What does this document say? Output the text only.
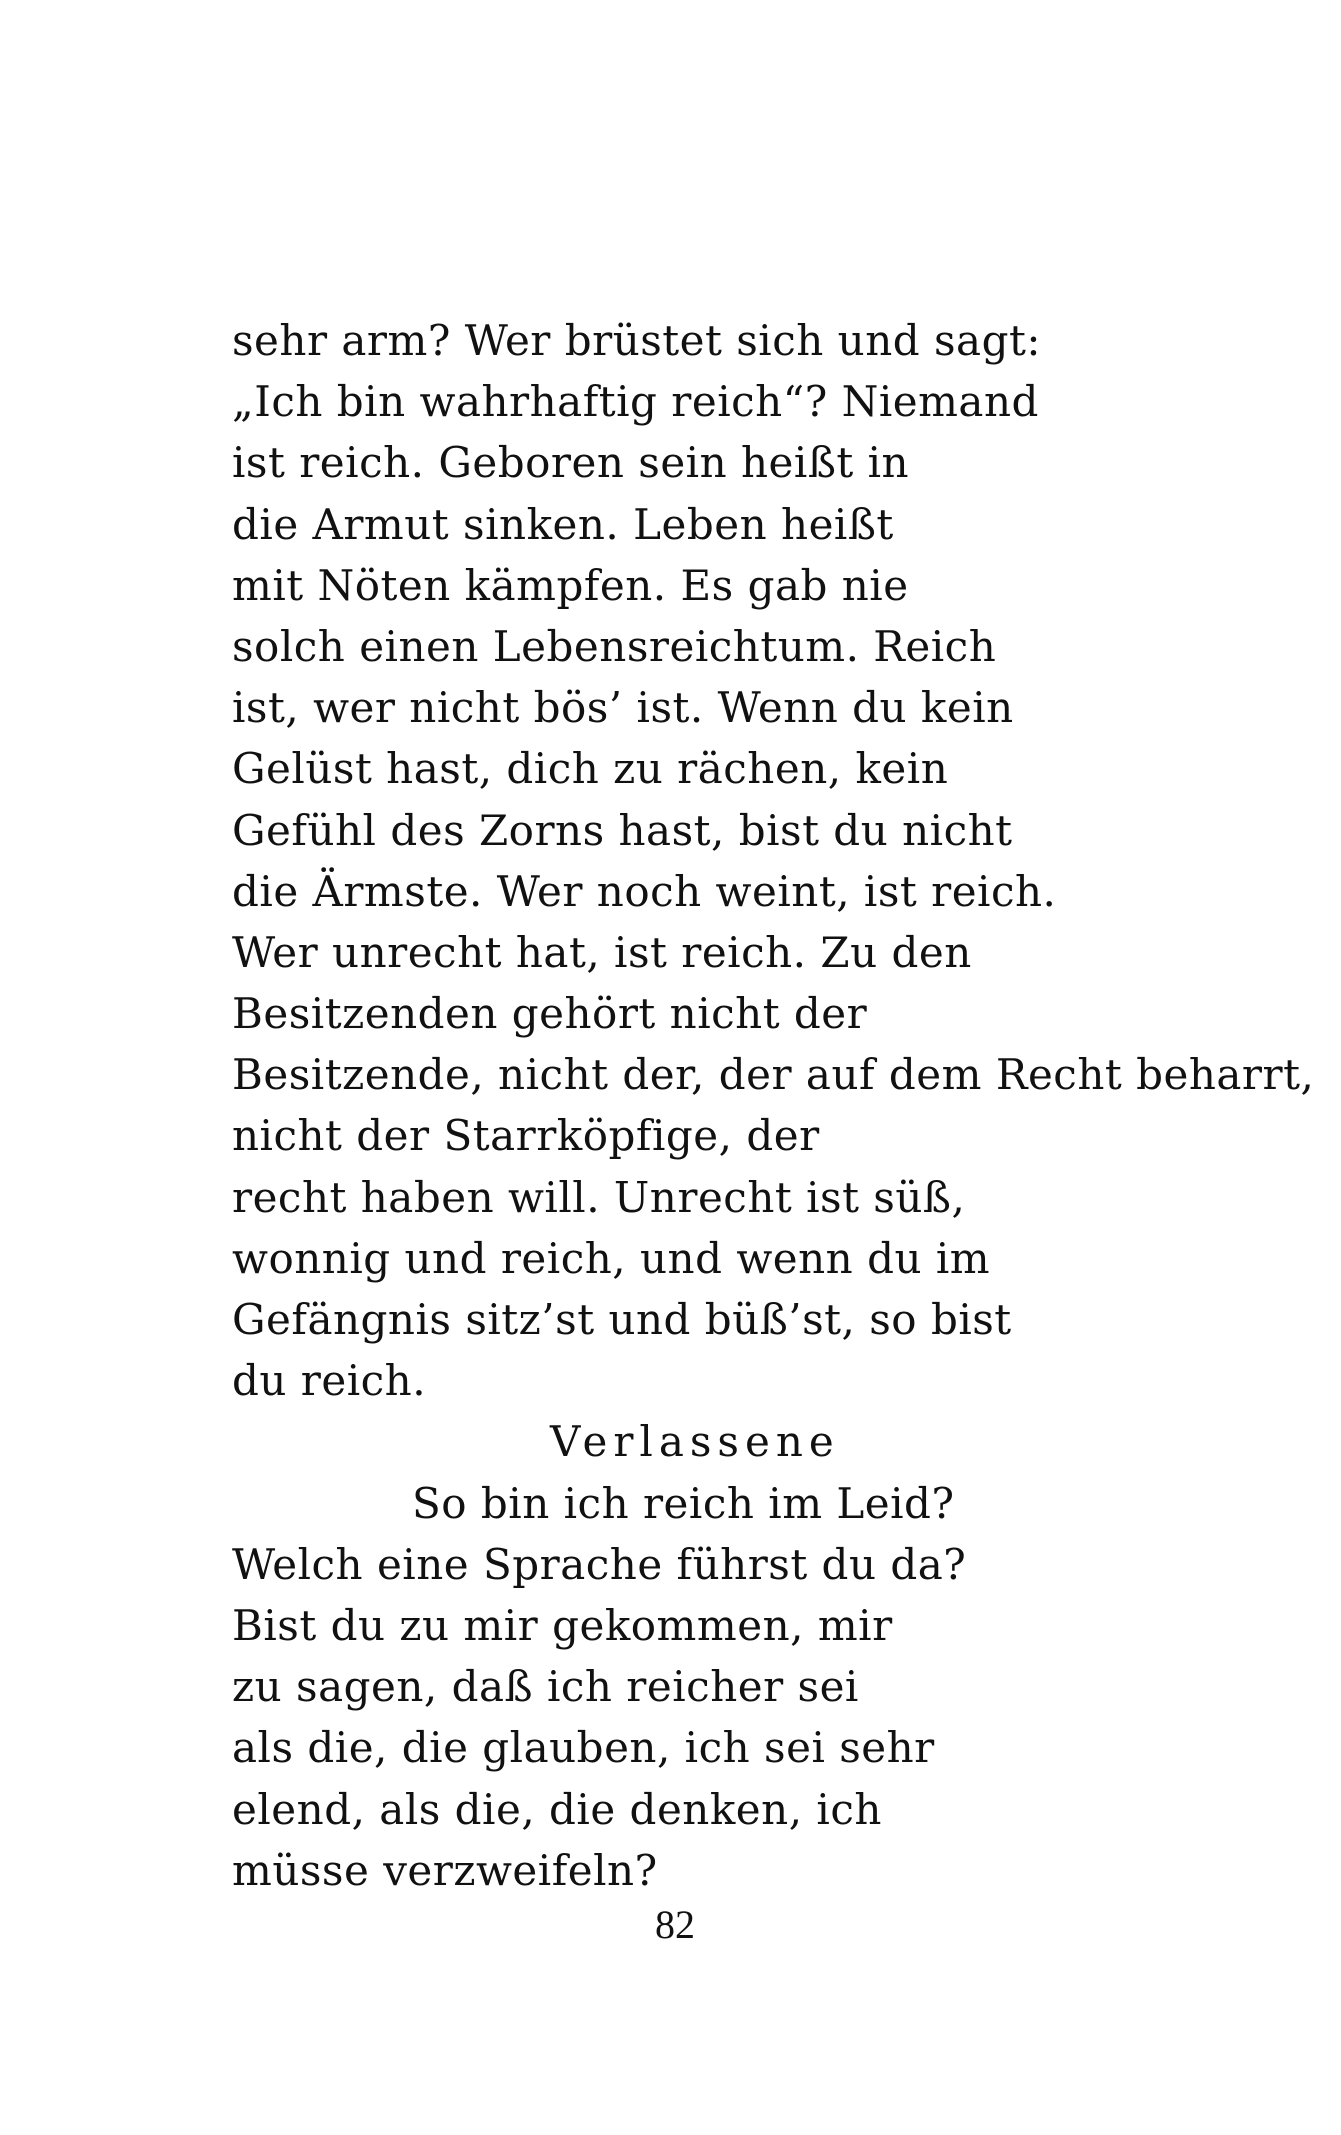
sehr arm? Wer brüstet sich und sagt:
„Ich bin wahrhaftig reich“? Niemand
ist reich. Geboren sein heißt in
die Armut sinken. Leben heißt
mit Nöten kämpfen. Es gab nie
solch einen Lebensreichtum. Reich
ist, wer nicht bös’ ist. Wenn du kein
Gelüst hast, dich zu rächen, kein
Gefühl des Zorns hast, bist du nicht
die Ärmste. Wer noch weint, ist reich.
Wer unrecht hat, ist reich. Zu den
Besitzenden gehört nicht der
Besitzende, nicht der, der auf dem Recht beharrt,
nicht der Starrköpfige, der
recht haben will. Unrecht ist süß,
wonnig und reich, und wenn du im
Gefängnis sitz’st und büß’st, so bist
du reich.
Verlassene
So bin ich reich im Leid?
Welch eine Sprache führst du da?
Bist du zu mir gekommen, mir
zu sagen, daß ich reicher sei
als die, die glauben, ich sei sehr
elend, als die, die denken, ich
müsse verzweifeln?
82
